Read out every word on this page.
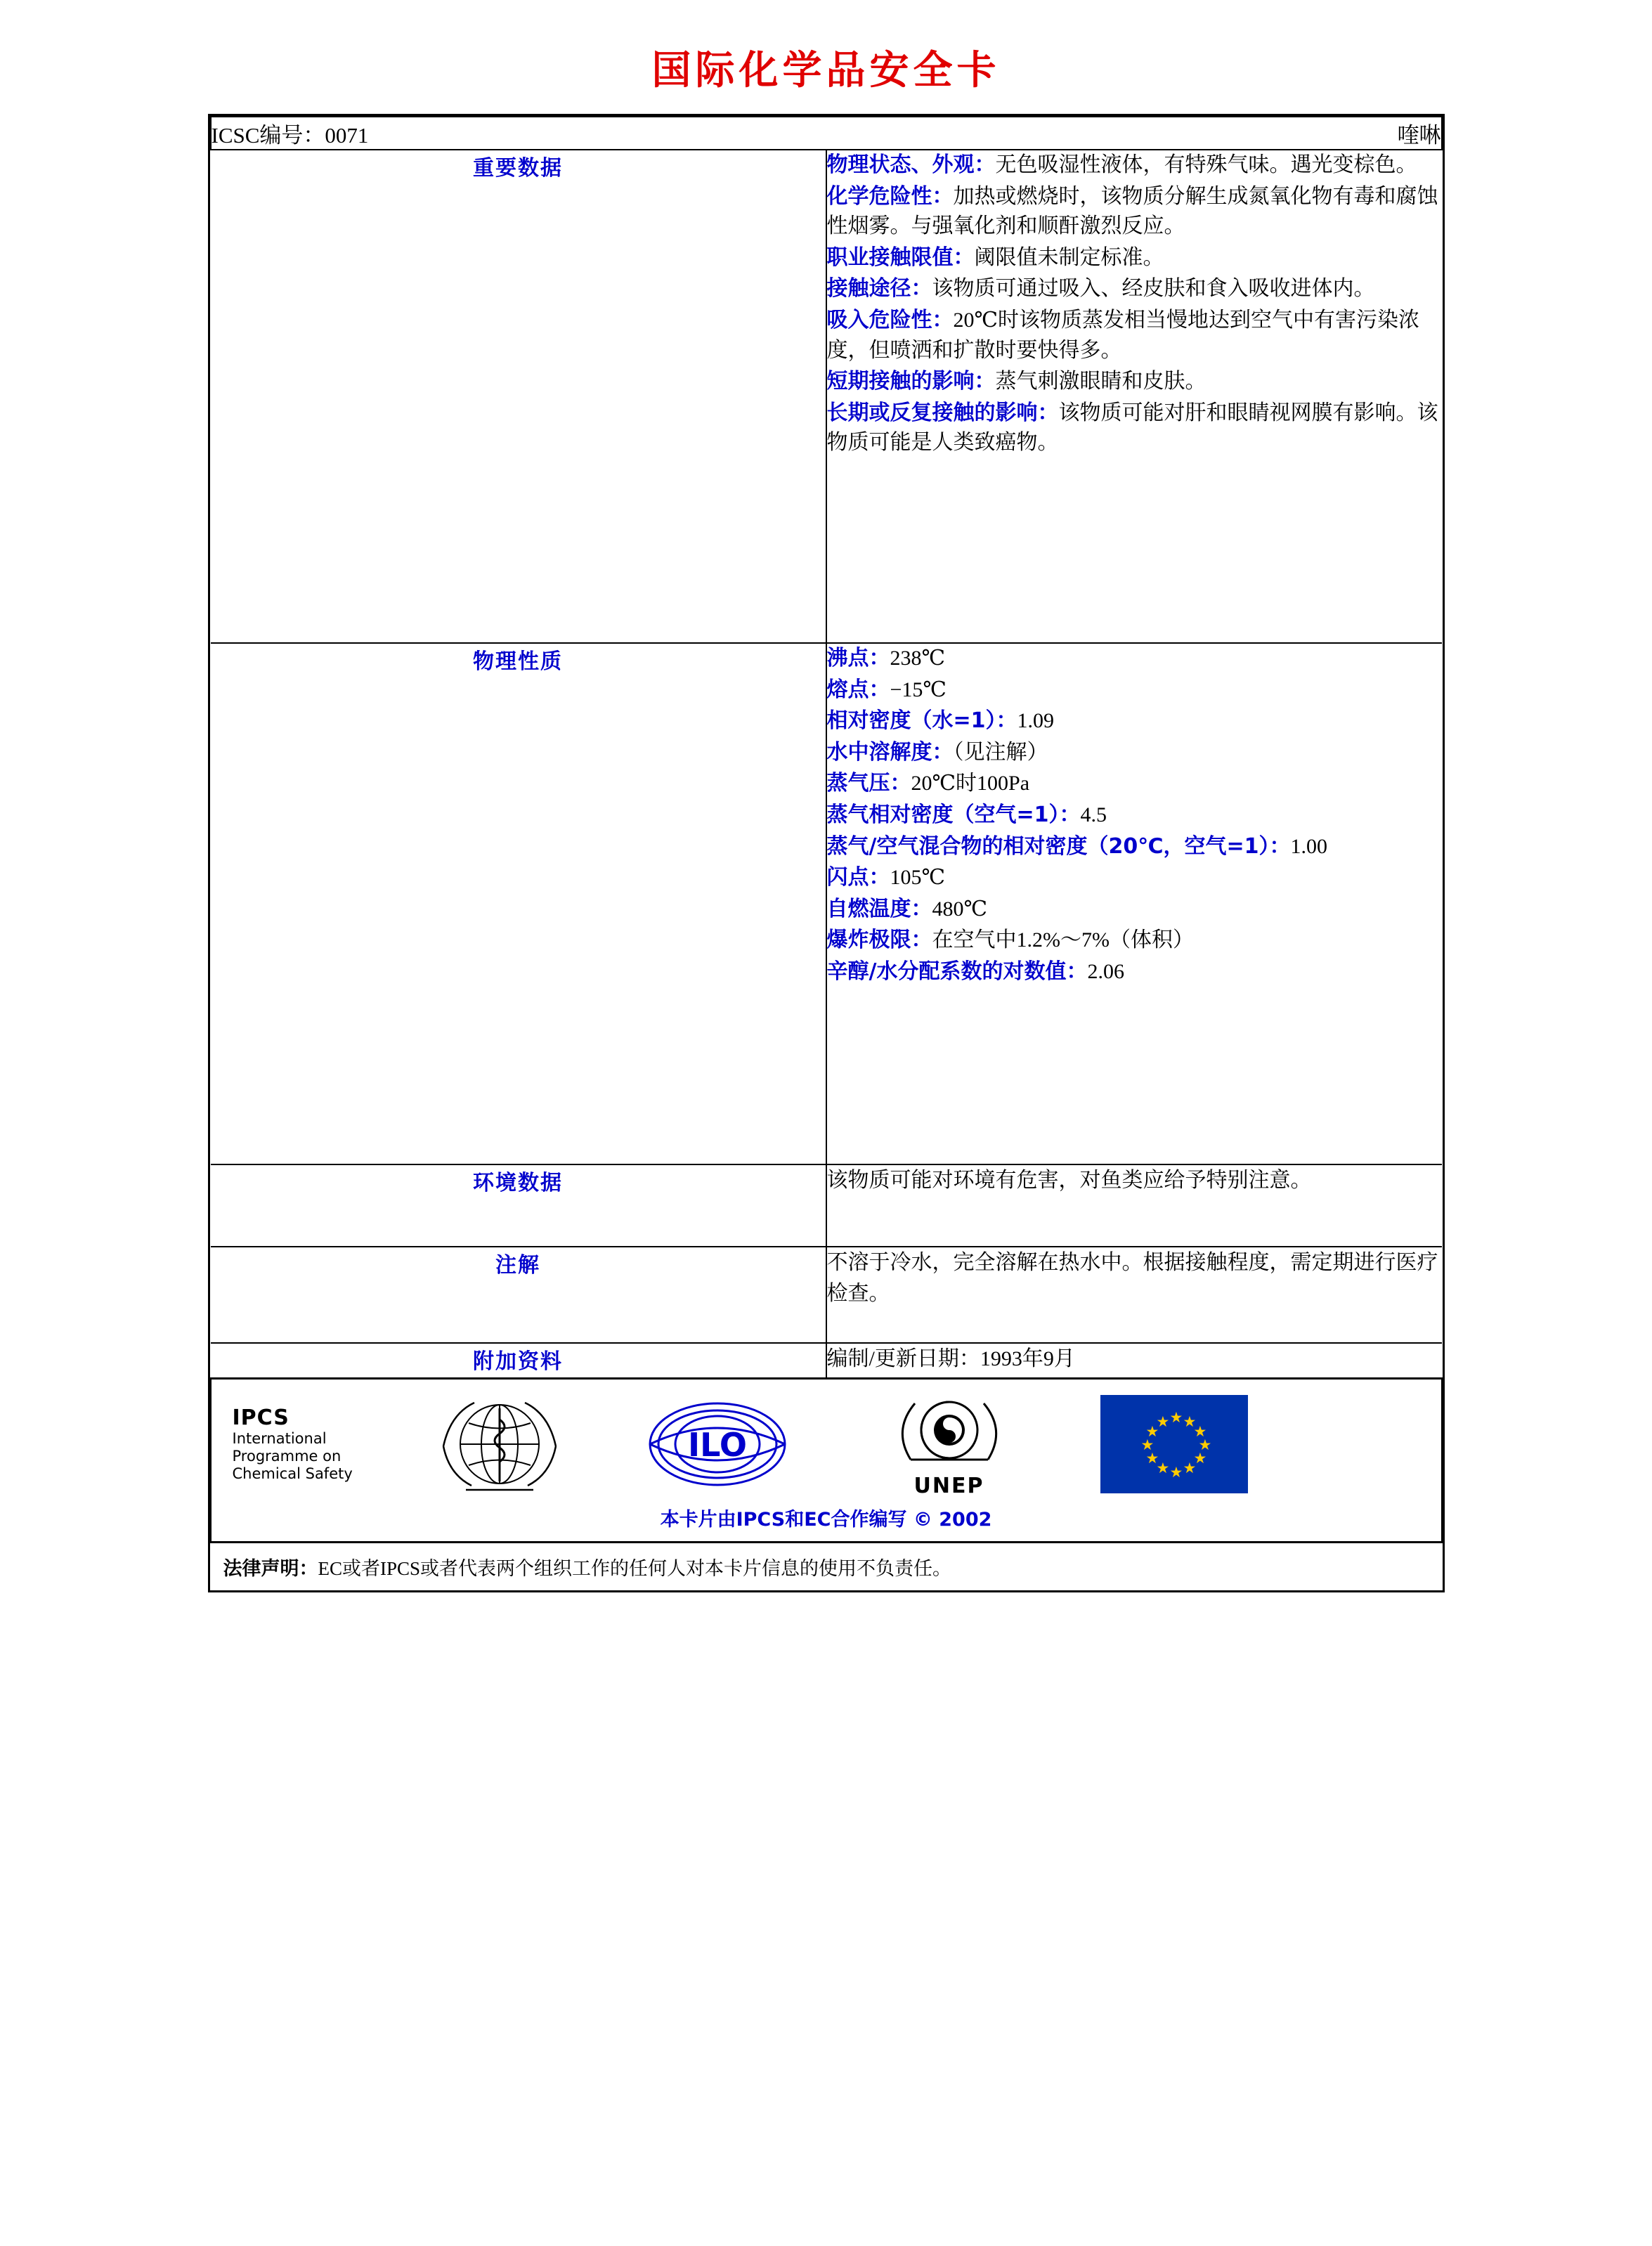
国际化学品安全卡
ICSC编号：0071	喹啉

重要数据	物理状态、外观：无色吸湿性液体，有特殊气味。遇光变棕色。

化学危险性：加热或燃烧时，该物质分解生成氮氧化物有毒和腐蚀性烟雾。与强氧化剂和顺酐激烈反应。

职业接触限值：阈限值未制定标准。

接触途径：该物质可通过吸入、经皮肤和食入吸收进体内。

吸入危险性：20℃时该物质蒸发相当慢地达到空气中有害污染浓度，但喷洒和扩散时要快得多。

短期接触的影响：蒸气刺激眼睛和皮肤。

长期或反复接触的影响：该物质可能对肝和眼睛视网膜有影响。该物质可能是人类致癌物。

物理性质	沸点：238℃

熔点：−15℃

相对密度（水=1）：1.09

水中溶解度：（见注解）

蒸气压：20℃时100Pa

蒸气相对密度（空气=1）：4.5

蒸气/空气混合物的相对密度（20℃，空气=1）：1.00

闪点：105℃

自燃温度：480℃

爆炸极限：在空气中1.2%～7%（体积）

辛醇/水分配系数的对数值：2.06

环境数据	该物质可能对环境有危害，对鱼类应给予特别注意。

注解	不溶于冷水，完全溶解在热水中。根据接触程度，需定期进行医疗检查。

附加资料	编制/更新日期：1993年9月

IPCS
International
Programme on
Chemical Safety
ILO
UNEP
★
★ ★
★ ★
★	★
★ ★
★ ★
★
本卡片由IPCS和EC合作编写 © 2002

法律声明：EC或者IPCS或者代表两个组织工作的任何人对本卡片信息的使用不负责任。
